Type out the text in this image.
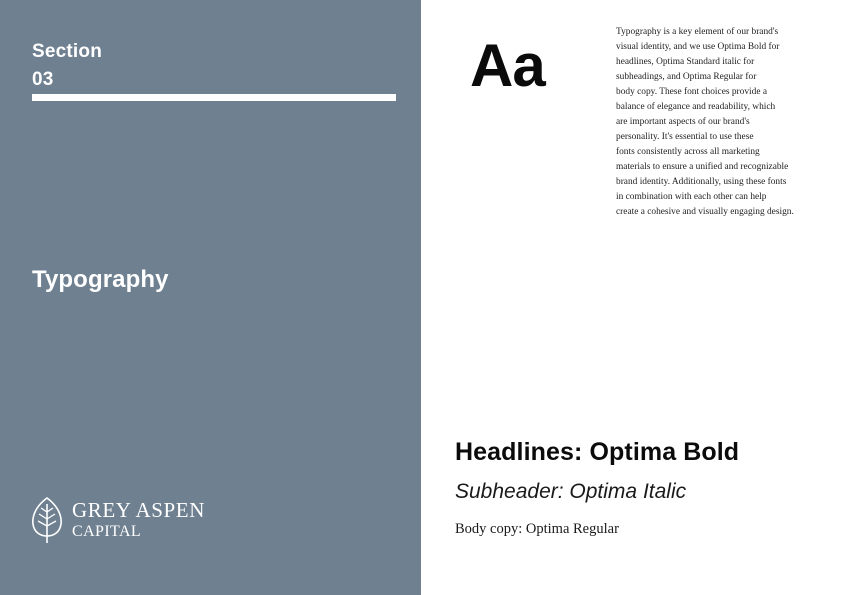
Section
03
Typography
GREY ASPEN
CAPITAL
Aa	Typography is a key element of our brand's
visual identity, and we use Optima Bold for
headlines, Optima Standard italic for
subheadings, and Optima Regular for
body copy. These font choices provide a
balance of elegance and readability, which
are important aspects of our brand's
personality. It's essential to use these
fonts consistently across all marketing
materials to ensure a unified and recognizable
brand identity. Additionally, using these fonts
in combination with each other can help
create a cohesive and visually engaging design.
Headlines: Optima Bold
Subheader: Optima Italic
Body copy: Optima Regular
